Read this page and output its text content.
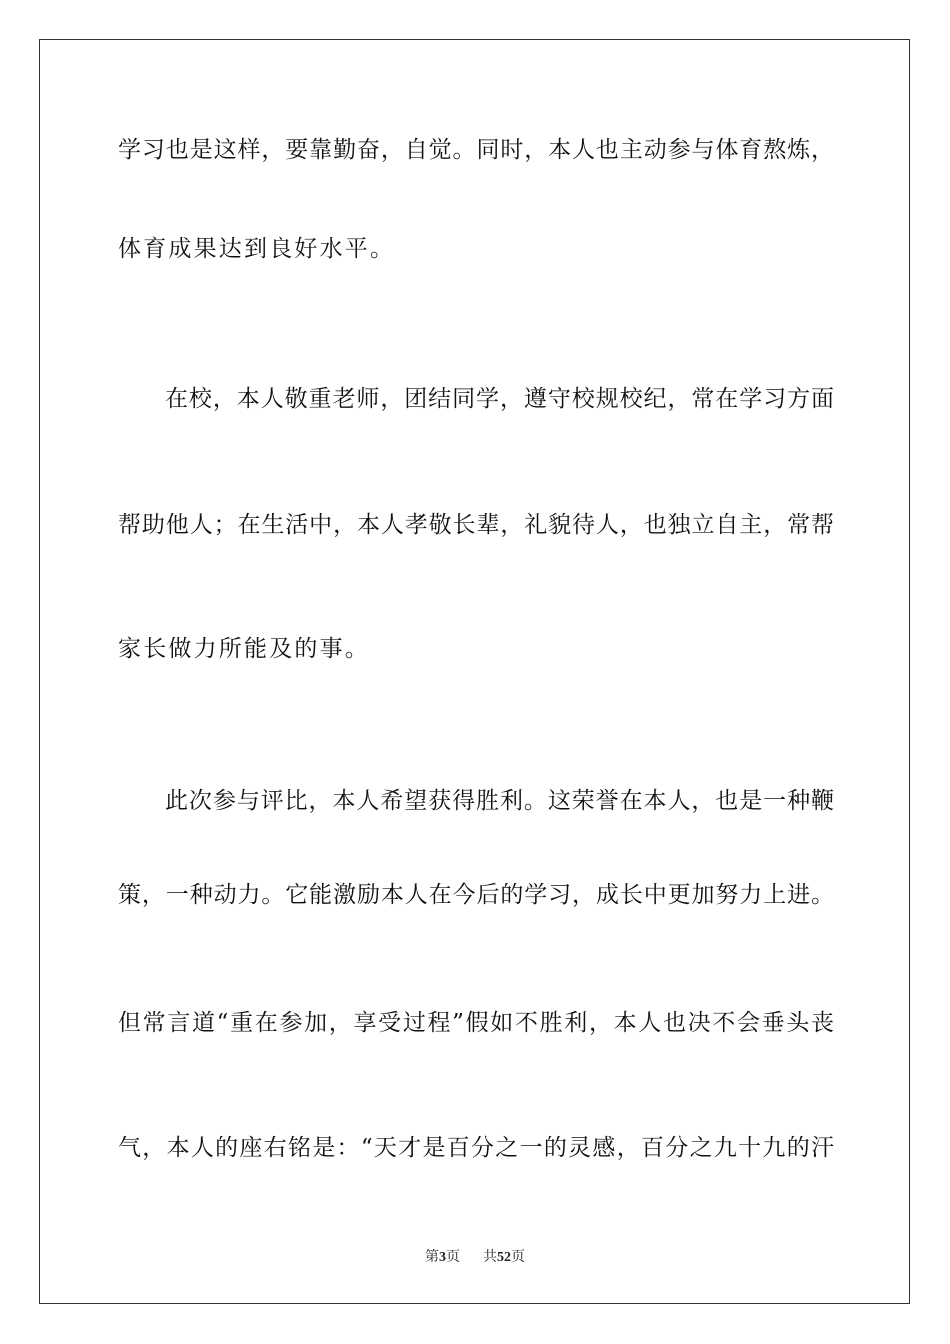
学习也是这样，要靠勤奋，自觉。同时，本人也主动参与体育熬炼，
体育成果达到良好水平。
在校，本人敬重老师，团结同学，遵守校规校纪，常在学习方面
帮助他人；在生活中，本人孝敬长辈，礼貌待人，也独立自主，常帮
家长做力所能及的事。
此次参与评比，本人希望获得胜利。这荣誉在本人，也是一种鞭
策，一种动力。它能激励本人在今后的学习，成长中更加努力上进。
但常言道“重在参加，享受过程”假如不胜利，本人也决不会垂头丧
气，本人的座右铭是：“天才是百分之一的灵感，百分之九十九的汗
第3页 共52页
